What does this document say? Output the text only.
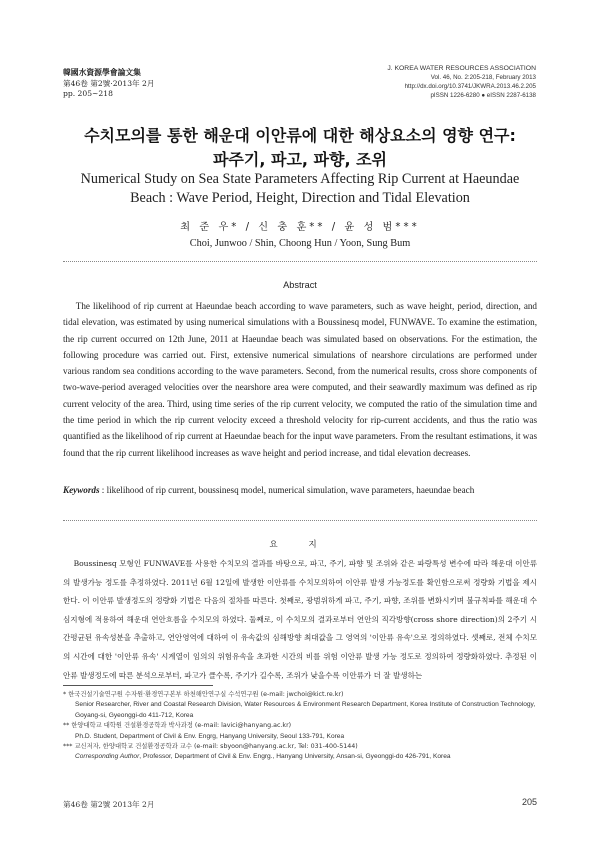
韓國水資源學會論文集
第46卷 第2號·2013年 2月
pp. 205~218
J. KOREA WATER RESOURCES ASSOCIATION
Vol. 46, No. 2:205-218, February 2013
http://dx.doi.org/10.3741/JKWRA.2013.46.2.205
pISSN 1226-6280 ● eISSN 2287-6138
수치모의를 통한 해운대 이안류에 대한 해상요소의 영향 연구:
파주기, 파고, 파향, 조위
Numerical Study on Sea State Parameters Affecting Rip Current at Haeundae
Beach : Wave Period, Height, Direction and Tidal Elevation
최 준 우* / 신 충 훈** / 윤 성 범***
Choi, Junwoo / Shin, Choong Hun / Yoon, Sung Bum
Abstract

The likelihood of rip current at Haeundae beach according to wave parameters, such as wave height, period, direction, and tidal elevation, was estimated by using numerical simulations with a Boussinesq model, FUNWAVE. To examine the estimation, the rip current occurred on 12th June, 2011 at Haeundae beach was simulated based on observations. For the estimation, the following procedure was carried out. First, extensive numerical simulations of nearshore circulations are performed under various random sea conditions according to the wave parameters. Second, from the numerical results, cross shore components of two-wave-period averaged velocities over the nearshore area were computed, and their seawardly maximum was defined as rip current velocity of the area. Third, using time series of the rip current velocity, we computed the ratio of the simulation time and the time period in which the rip current velocity exceed a threshold velocity for rip-current accidents, and thus the ratio was quantified as the likelihood of rip current at Haeundae beach for the input wave parameters. From the resultant estimations, it was found that the rip current likelihood increases as wave height and period increase, and tidal elevation decreases.

Keywords : likelihood of rip current, boussinesq model, numerical simulation, wave parameters, haeundae beach

요 지

Boussinesq 모형인 FUNWAVE를 사용한 수치모의 결과를 바탕으로, 파고, 주기, 파향 및 조위와 같은 파랑특성 변수에 따라 해운대 이안류의 발생가능 정도를 추정하였다. 2011년 6월 12일에 발생한 이안류를 수치모의하여 이안류 발생 가능정도를 확인함으로써 정량화 기법을 제시한다. 이 이안류 발생정도의 정량화 기법은 다음의 절차를 따른다. 첫째로, 광범위하게 파고, 주기, 파향, 조위를 변화시키며 불규칙파를 해운대 수심지형에 적용하여 해운대 연안흐름을 수치모의 하였다. 둘째로, 이 수치모의 결과로부터 연안의 직각방향(cross shore direction)의 2주기 시간평균된 유속성분을 추출하고, 연안영역에 대하여 이 유속값의 심해방향 최대값을 그 영역의 '이안류 유속'으로 정의하였다. 셋째로, 전체 수치모의 시간에 대한 '이안류 유속' 시계열이 임의의 위험유속을 초과한 시간의 비를 위험 이안류 발생 가능 정도로 정의하여 정량화하였다. 추정된 이안류 발생정도에 따른 분석으로부터, 파고가 클수록, 주기가 길수록, 조위가 낮을수록 이안류가 더 잘 발생하는

* 한국건설기술연구원 수자원·환경연구본부 하천해안연구실 수석연구원 (e-mail: jwchoi@kict.re.kr)
Senior Researcher, River and Coastal Research Division, Water Resources & Environment Research Department, Korea Institute of Construction Technology, Goyang-si, Gyeonggi-do 411-712, Korea
** 한양대학교 대학원 건설환경공학과 박사과정 (e-mail: lavici@hanyang.ac.kr)
Ph.D. Student, Department of Civil & Env. Engrg, Hanyang University, Seoul 133-791, Korea
*** 교신저자, 한양대학교 건설환경공학과 교수 (e-mail: sbyoon@hanyang.ac.kr, Tel: 031-400-5144)
Corresponding Author, Professor, Department of Civil & Env. Engrg., Hanyang University, Ansan-si, Gyeonggi-do 426-791, Korea
第46卷 第2號 2013年 2月	205
